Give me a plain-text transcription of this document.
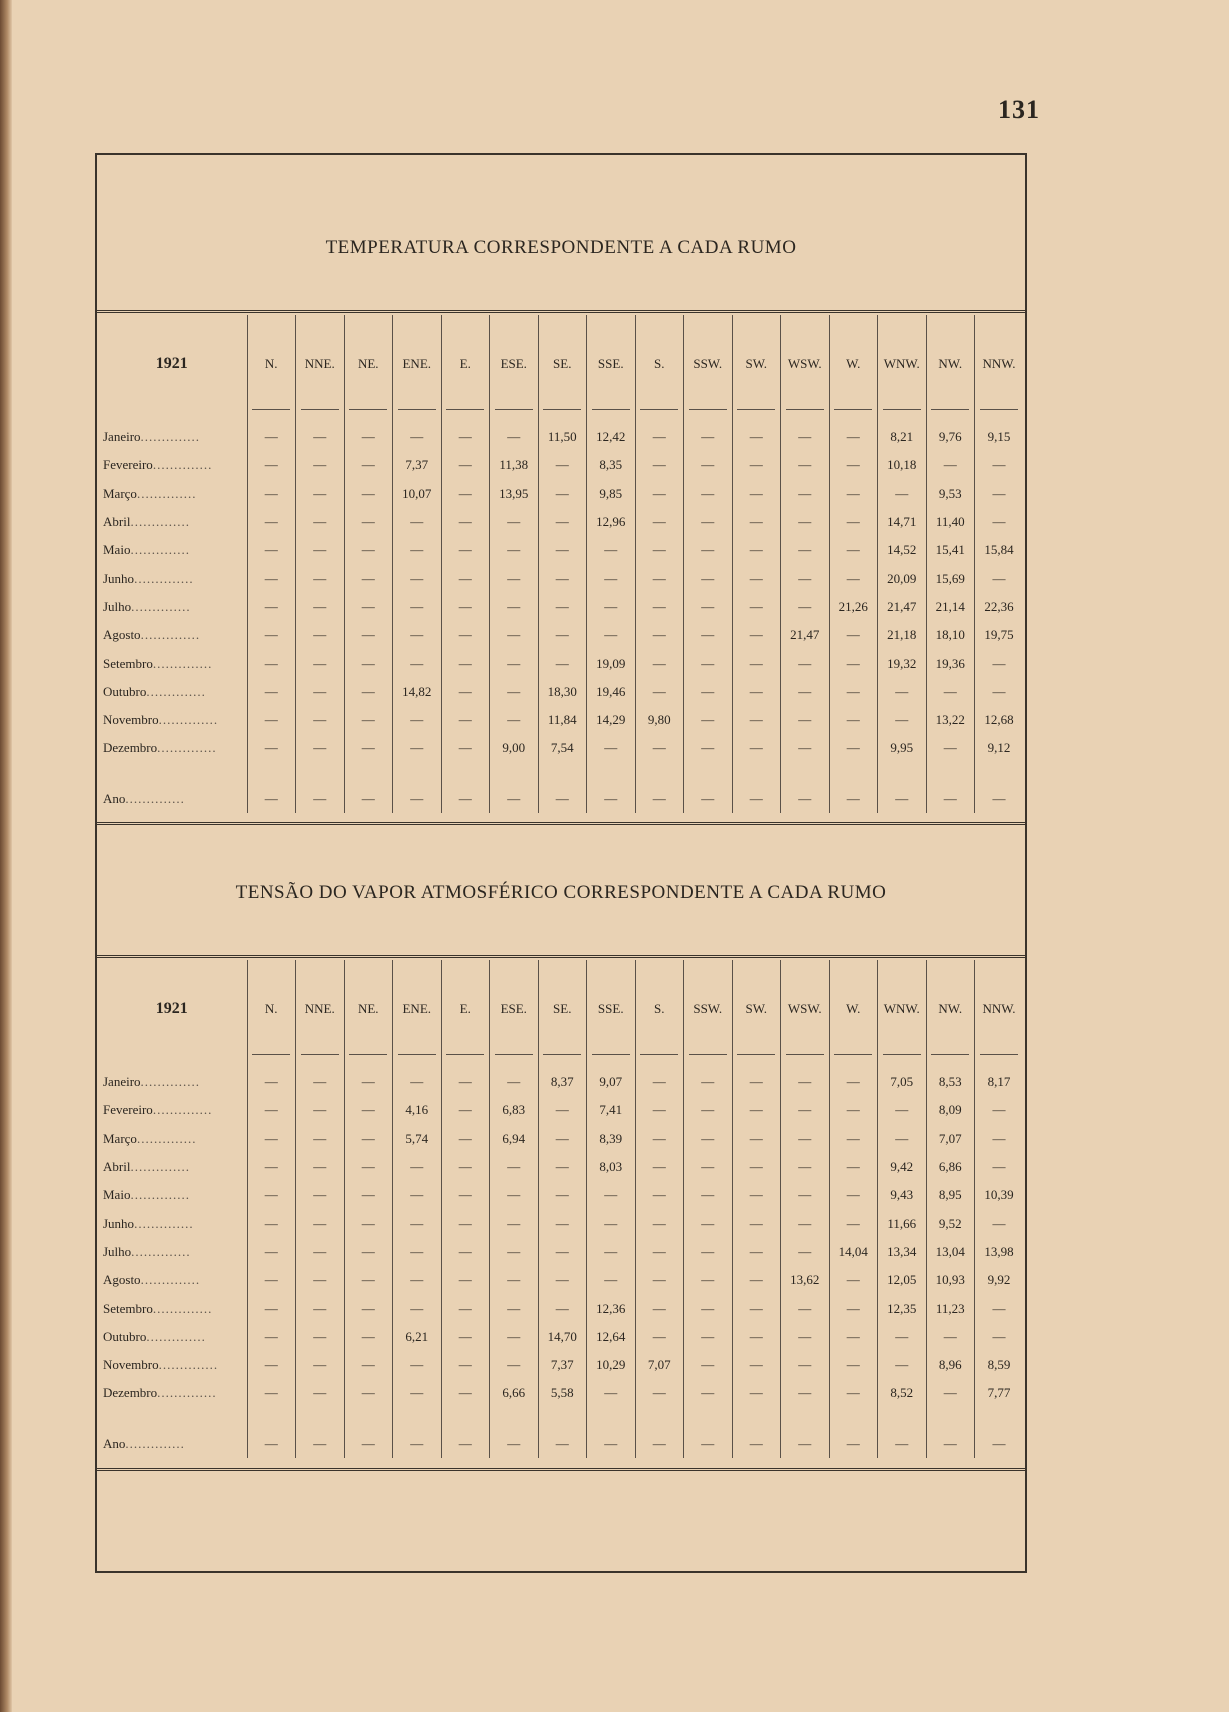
131
TEMPERATURA CORRESPONDENTE A CADA RUMO
1921	N.	NNE.	NE.	ENE.	E.	ESE.	SE.	SSE.	S.	SSW.	SW.	WSW.	W.	WNW.	NW.	NNW.

Janeiro..............	—	—	—	—	—	—	11,50	12,42	—	—	—	—	—	8,21	9,76	9,15
Fevereiro..............	—	—	—	7,37	—	11,38	—	8,35	—	—	—	—	—	10,18	—	—
Março..............	—	—	—	10,07	—	13,95	—	9,85	—	—	—	—	—	—	9,53	—
Abril..............	—	—	—	—	—	—	—	12,96	—	—	—	—	—	14,71	11,40	—
Maio..............	—	—	—	—	—	—	—	—	—	—	—	—	—	14,52	15,41	15,84
Junho..............	—	—	—	—	—	—	—	—	—	—	—	—	—	20,09	15,69	—
Julho..............	—	—	—	—	—	—	—	—	—	—	—	—	21,26	21,47	21,14	22,36
Agosto..............	—	—	—	—	—	—	—	—	—	—	—	21,47	—	21,18	18,10	19,75
Setembro..............	—	—	—	—	—	—	—	19,09	—	—	—	—	—	19,32	19,36	—
Outubro..............	—	—	—	14,82	—	—	18,30	19,46	—	—	—	—	—	—	—	—
Novembro..............	—	—	—	—	—	—	11,84	14,29	9,80	—	—	—	—	—	13,22	12,68
Dezembro..............	—	—	—	—	—	9,00	7,54	—	—	—	—	—	—	9,95	—	9,12
Ano..............	—	—	—	—	—	—	—	—	—	—	—	—	—	—	—	—
TENSÃO DO VAPOR ATMOSFÉRICO CORRESPONDENTE A CADA RUMO
1921	N.	NNE.	NE.	ENE.	E.	ESE.	SE.	SSE.	S.	SSW.	SW.	WSW.	W.	WNW.	NW.	NNW.

Janeiro..............	—	—	—	—	—	—	8,37	9,07	—	—	—	—	—	7,05	8,53	8,17
Fevereiro..............	—	—	—	4,16	—	6,83	—	7,41	—	—	—	—	—	—	8,09	—
Março..............	—	—	—	5,74	—	6,94	—	8,39	—	—	—	—	—	—	7,07	—
Abril..............	—	—	—	—	—	—	—	8,03	—	—	—	—	—	9,42	6,86	—
Maio..............	—	—	—	—	—	—	—	—	—	—	—	—	—	9,43	8,95	10,39
Junho..............	—	—	—	—	—	—	—	—	—	—	—	—	—	11,66	9,52	—
Julho..............	—	—	—	—	—	—	—	—	—	—	—	—	14,04	13,34	13,04	13,98
Agosto..............	—	—	—	—	—	—	—	—	—	—	—	13,62	—	12,05	10,93	9,92
Setembro..............	—	—	—	—	—	—	—	12,36	—	—	—	—	—	12,35	11,23	—
Outubro..............	—	—	—	6,21	—	—	14,70	12,64	—	—	—	—	—	—	—	—
Novembro..............	—	—	—	—	—	—	7,37	10,29	7,07	—	—	—	—	—	8,96	8,59
Dezembro..............	—	—	—	—	—	6,66	5,58	—	—	—	—	—	—	8,52	—	7,77
Ano..............	—	—	—	—	—	—	—	—	—	—	—	—	—	—	—	—
